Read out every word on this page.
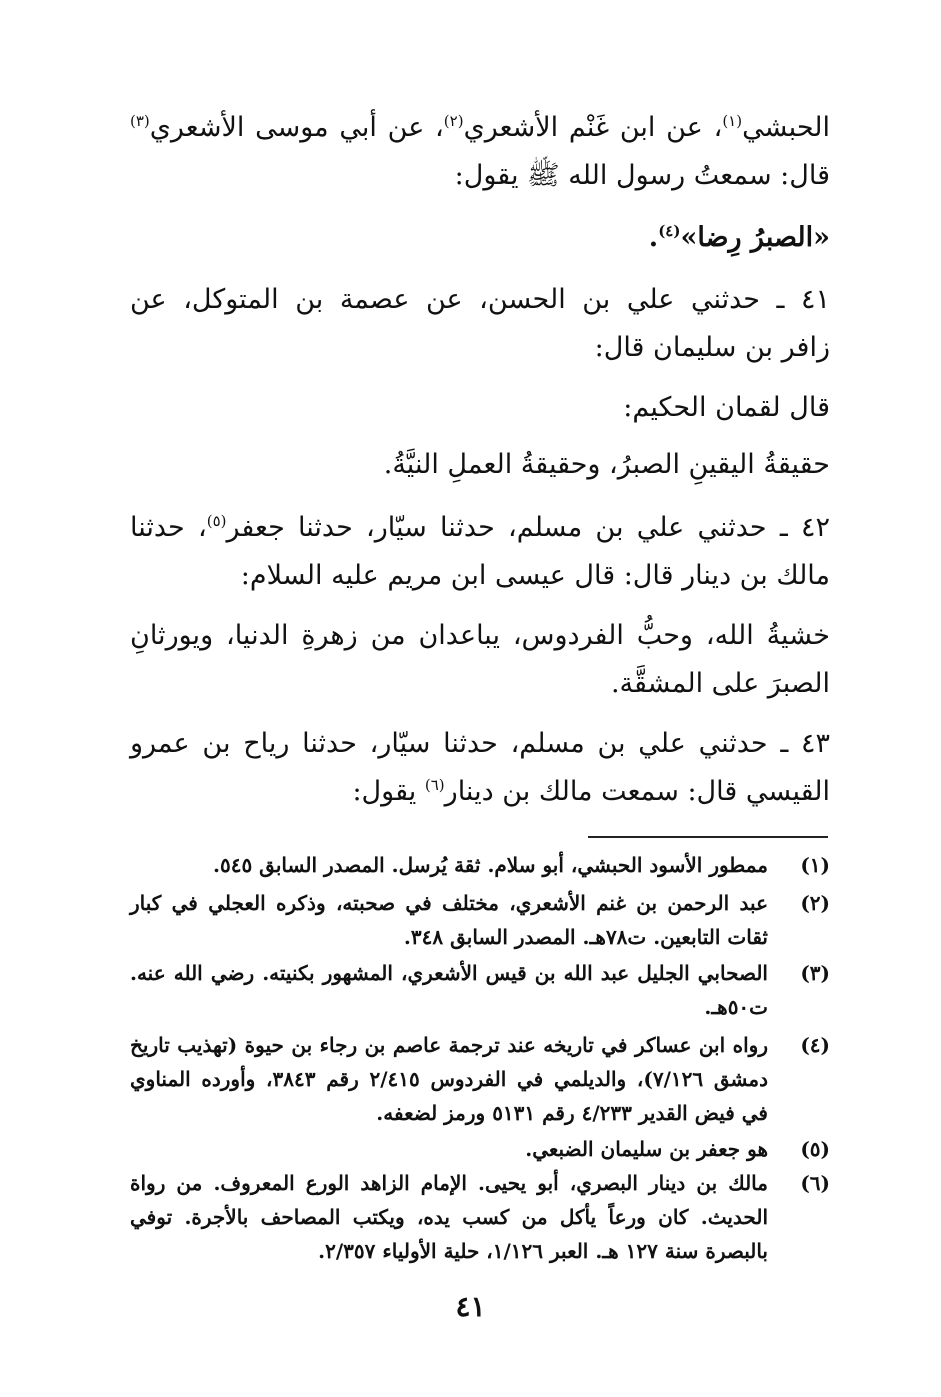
الحبشي$^{(١)}$، عن ابن غَنْم الأشعري$^{(٢)}$، عن أبي موسى الأشعري$^{(٣)}$
قال: سمعتُ رسول الله ﷺ يقول:
«الصبرُ رِضا»$^{(٤)}$.
٤١ ـ حدثني علي بن الحسن، عن عصمة بن المتوكل، عن
زافر بن سليمان قال:
قال لقمان الحكيم:
حقيقةُ اليقينِ الصبرُ، وحقيقةُ العملِ النيَّةُ.
٤٢ ـ حدثني علي بن مسلم، حدثنا سيّار، حدثنا جعفر$^{(٥)}$، حدثنا
مالك بن دينار قال: قال عيسى ابن مريم عليه السلام:
خشيةُ الله، وحبُّ الفردوس، يباعدان من زهرةِ الدنيا، ويورثانِ
الصبرَ على المشقَّة.
٤٣ ـ حدثني علي بن مسلم، حدثنا سيّار، حدثنا رياح بن عمرو
القيسي قال: سمعت مالك بن دينار$^{(٦)}$ يقول:
(١)
ممطور الأسود الحبشي، أبو سلام. ثقة يُرسل. المصدر السابق ٥٤٥.
(٢)
عبد الرحمن بن غنم الأشعري، مختلف في صحبته، وذكره العجلي في كبار
ثقات التابعين. ت٧٨هـ. المصدر السابق ٣٤٨.
(٣)
الصحابي الجليل عبد الله بن قيس الأشعري، المشهور بكنيته. رضي الله عنه.
ت٥٠هـ.
(٤)
رواه ابن عساكر في تاريخه عند ترجمة عاصم بن رجاء بن حيوة (تهذيب تاريخ
دمشق ٧/١٢٦)، والديلمي في الفردوس ٢/٤١٥ رقم ٣٨٤٣، وأورده المناوي
في فيض القدير ٤/٢٣٣ رقم ٥١٣١ ورمز لضعفه.
(٥)
هو جعفر بن سليمان الضبعي.
(٦)
مالك بن دينار البصري، أبو يحيى. الإمام الزاهد الورع المعروف. من رواة
الحديث. كان ورعاً يأكل من كسب يده، ويكتب المصاحف بالأجرة. توفي
بالبصرة سنة ١٢٧ هـ. العبر ١/١٢٦، حلية الأولياء ٢/٣٥٧.
٤١
